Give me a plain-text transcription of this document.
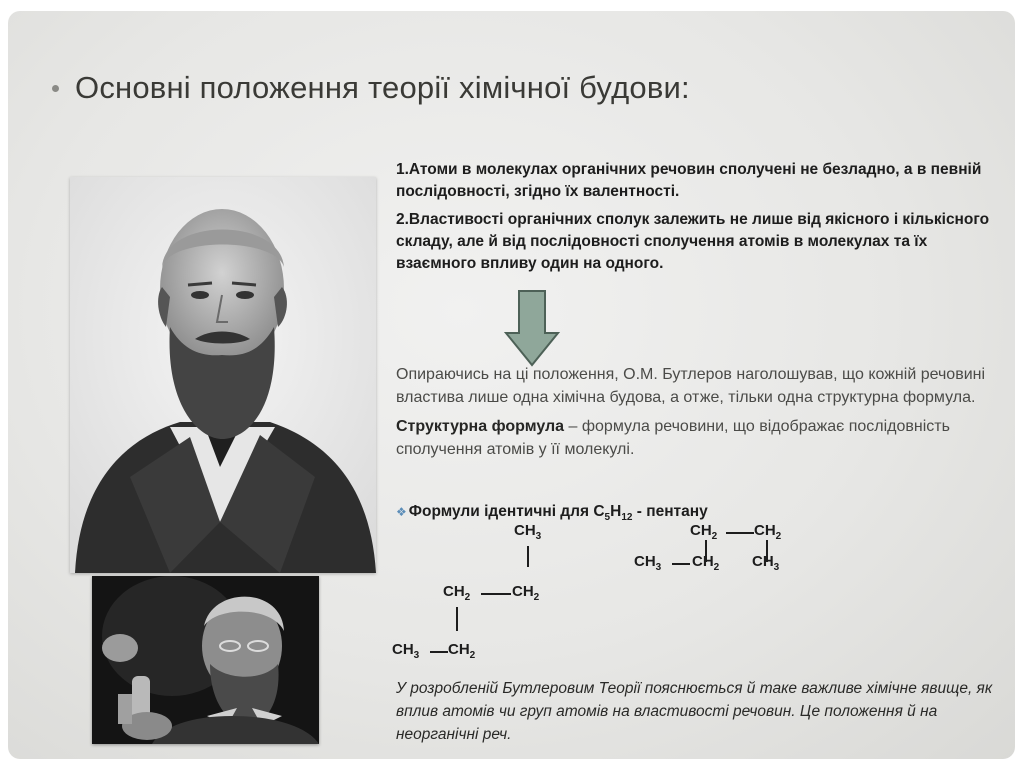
Основні положення теорії хімічної будови:

1.Атоми в молекулах органічних речовин сполучені не безладно, а в певній послідовності, згідно їх валентності.

2.Властивості органічних сполук залежить не лише від якісного і кількісного складу, але й від послідовності сполучення атомів в молекулах та їх взаємного впливу один на одного.

Опираючись на ці положення, О.М. Бутлеров наголошував, що кожній речовині властива лише одна хімічна будова, а отже, тільки одна структурна формула.

Структурна формула – формула речовини, що відображає послідовність сполучення атомів у її молекулі.

❖ Формули ідентичні для $С_5Н_{12}$ - пентану
$CH_3$
$CH_2$	$CH_2$
$CH_3$ $CH_2$
$CH_2$ $CH_2$
$CH_3$ $CH_2$ $CH_3$
У розробленій Бутлеровим Теорії пояснюється й таке важливе хімічне явище, як вплив атомів чи груп атомів на властивості речовин. Це положення й на неорганічні реч.
